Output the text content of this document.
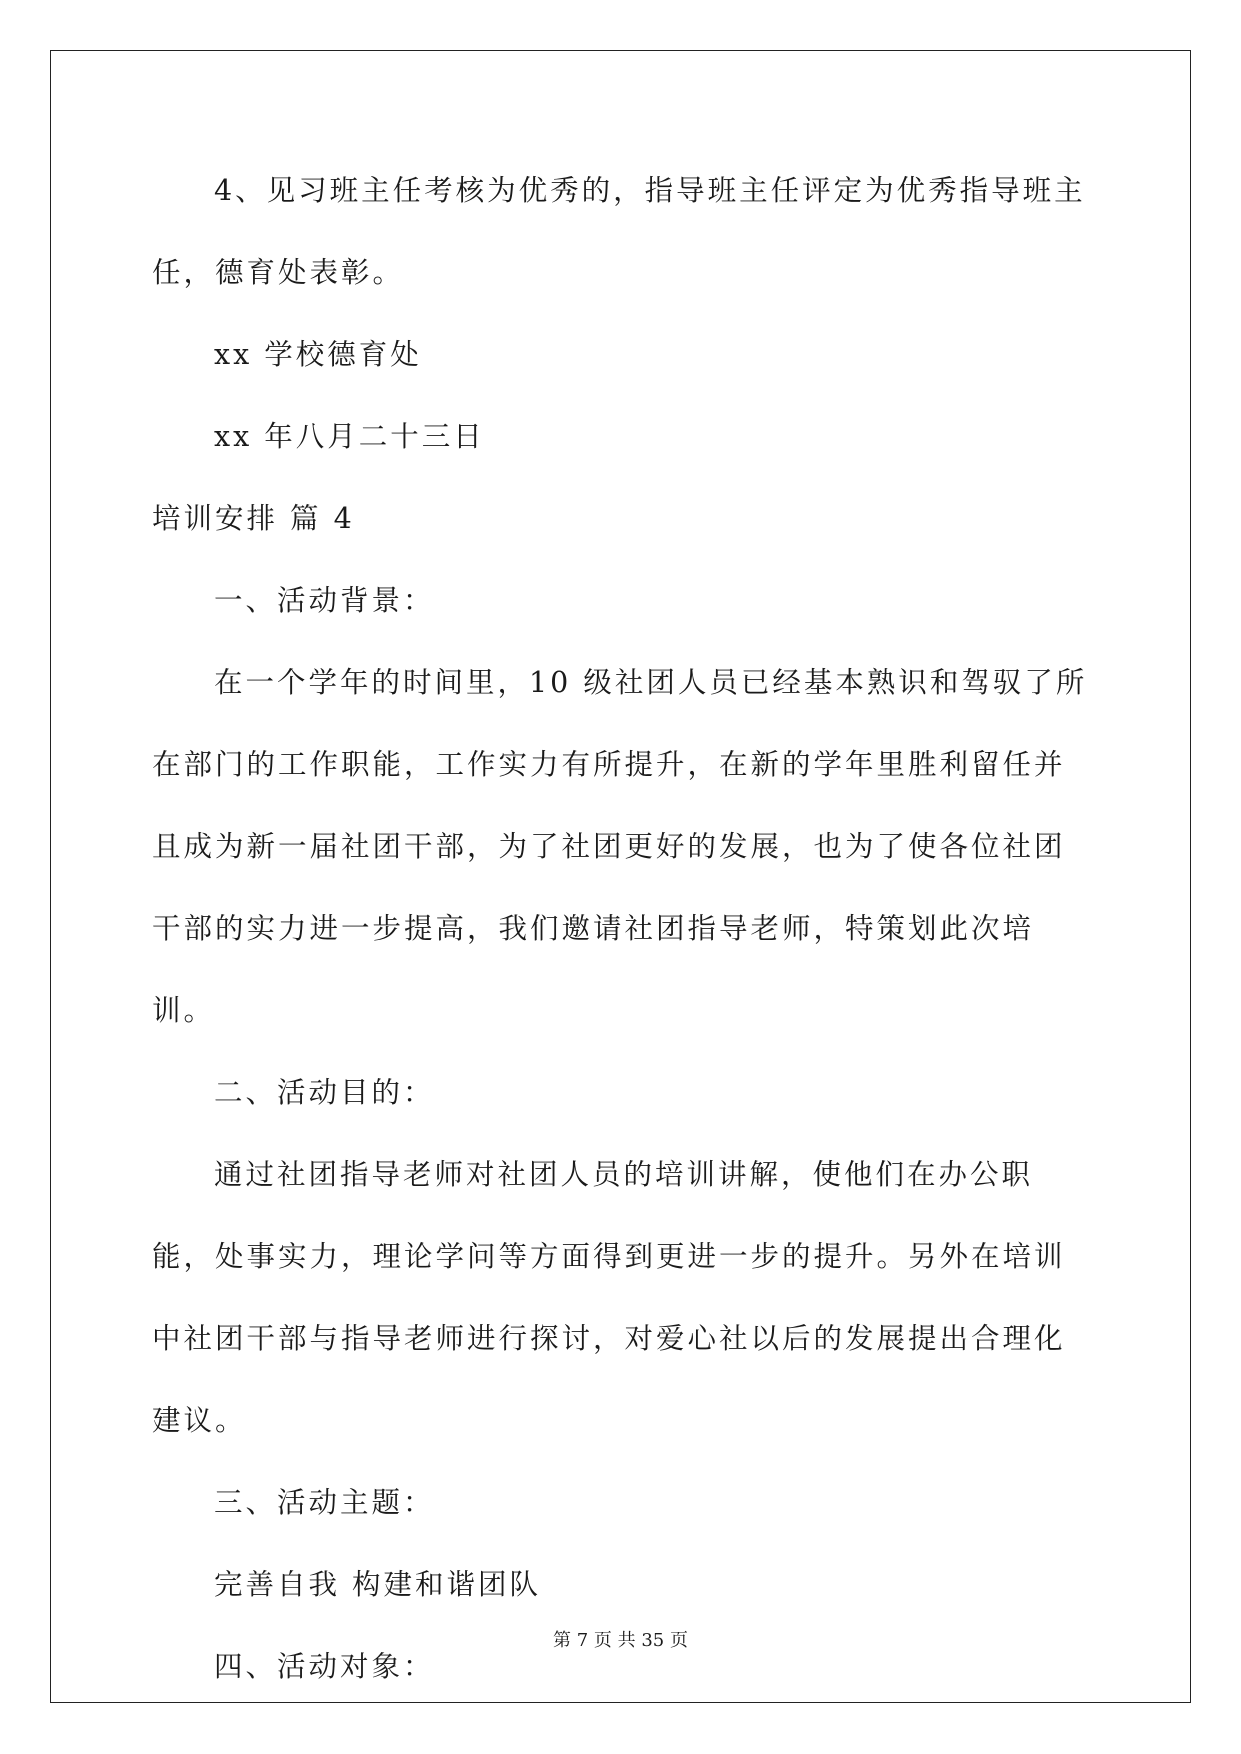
4、见习班主任考核为优秀的，指导班主任评定为优秀指导班主任，德育处表彰。

xx 学校德育处

xx 年八月二十三日

培训安排 篇 4

一、活动背景：

在一个学年的时间里，10 级社团人员已经基本熟识和驾驭了所在部门的工作职能，工作实力有所提升，在新的学年里胜利留任并且成为新一届社团干部，为了社团更好的发展，也为了使各位社团干部的实力进一步提高，我们邀请社团指导老师，特策划此次培训。

二、活动目的：

通过社团指导老师对社团人员的培训讲解，使他们在办公职能，处事实力，理论学问等方面得到更进一步的提升。另外在培训中社团干部与指导老师进行探讨，对爱心社以后的发展提出合理化建议。

三、活动主题：

完善自我 构建和谐团队

四、活动对象：

第 7 页 共 35 页
